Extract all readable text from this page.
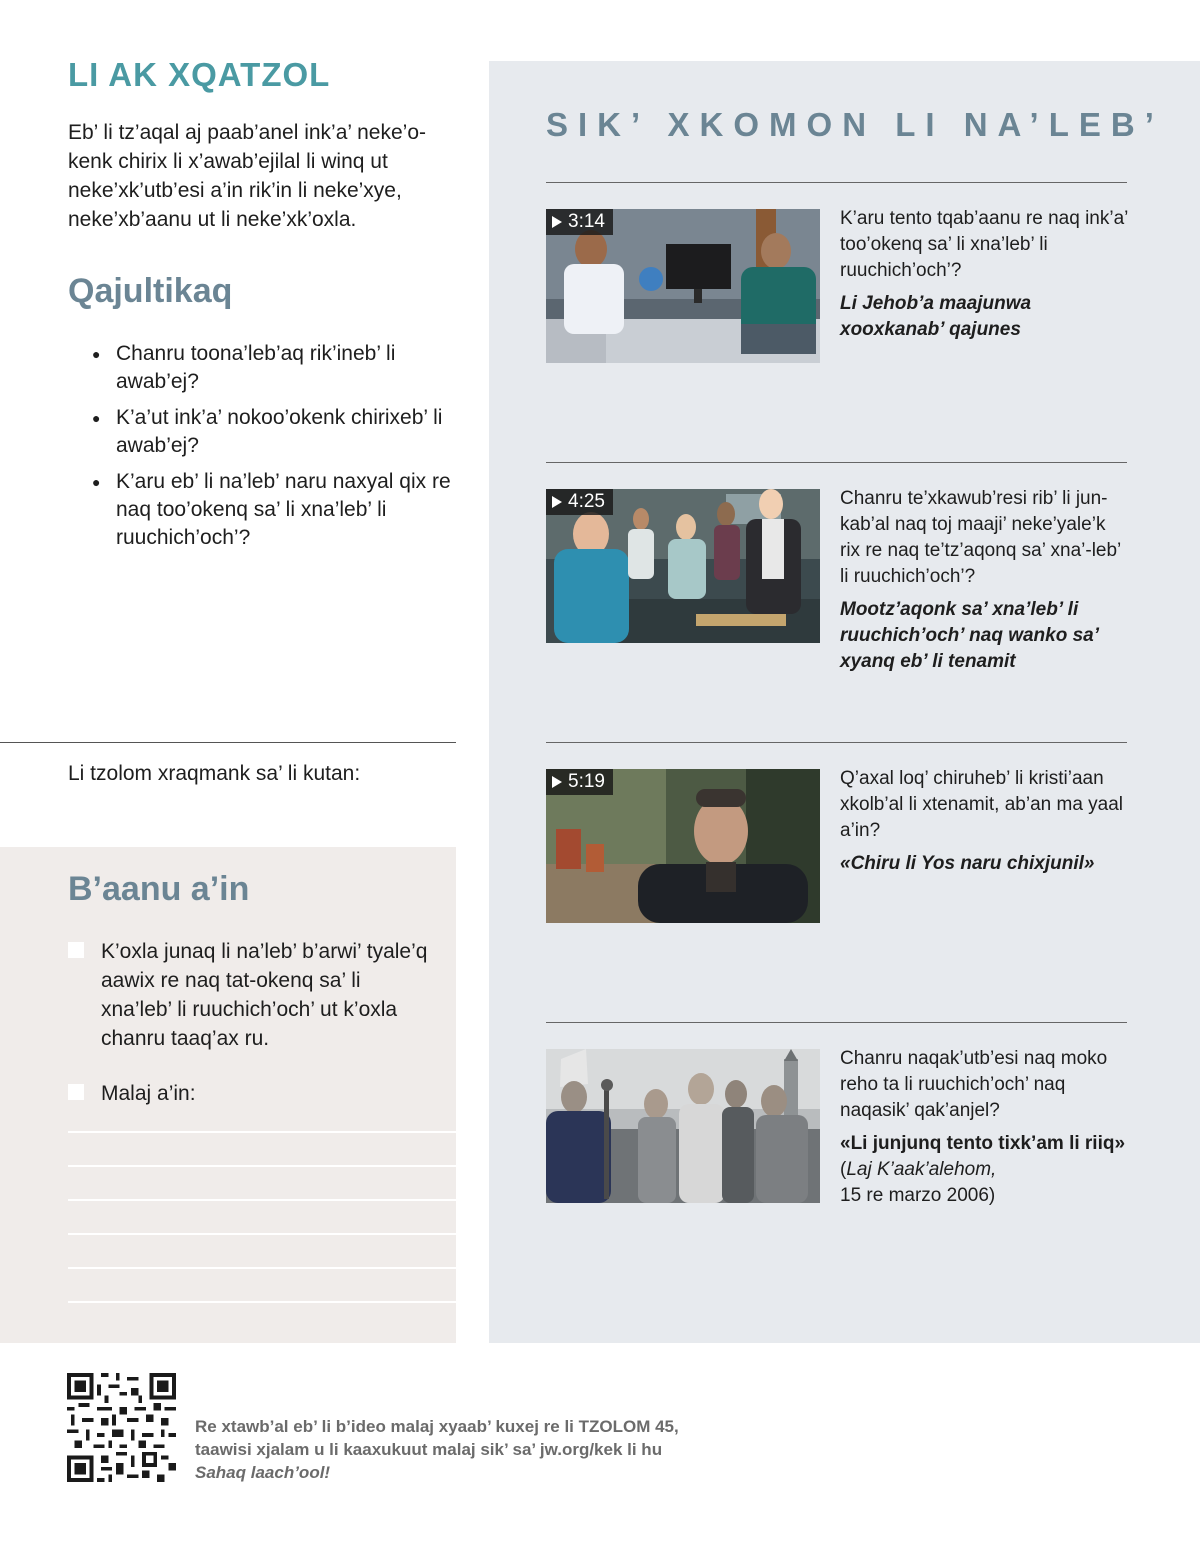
LI AK XQATZOL

Eb’ li tz’aqal aj paab’anel ink’a’ neke’o-kenk chirix li x’awab’ejilal li winq ut neke’xk’utb’esi a’in rik’in li neke’xye, neke’xb’aanu ut li neke’xk’oxla.

Qajultikaq
● Chanru toona’leb’aq rik’ineb’ li awab’ej?
● K’a’ut ink’a’ nokoo’okenk chirixeb’ li awab’ej?
● K’aru eb’ li na’leb’ naru naxyal qix re naq too’okenq sa’ li xna’leb’ li ruuchich’och’?
Li tzolom xraqmank sa’ li kutan:
B’aanu a’in
K’oxla junaq li na’leb’ b’arwi’ tyale’q aawix re naq tat-okenq sa’ li xna’leb’ li ruuchich’och’ ut k’oxla chanru taaq’ax ru.
Malaj a’in:
SIK’ XKOMON LI NA’LEB’
3:14	K’aru tento tqab’aanu re naq ink’a’ too’okenq sa’ li xna’leb’ li ruuchich’och’?
Li Jehob’a maajunwa xooxkanab’ qajunes
4:25	Chanru te’xkawub’resi rib’ li jun-kab’al naq toj maaji’ neke’yale’k rix re naq te’tz’aqonq sa’ xna’-leb’ li ruuchich’och’?
Mootz’aqonk sa’ xna’leb’ li ruuchich’och’ naq wanko sa’ xyanq eb’ li tenamit
5:19	Q’axal loq’ chiruheb’ li kristi’aan xkolb’al li xtenamit, ab’an ma yaal a’in?
«Chiru li Yos naru chixjunil»
Chanru naqak’utb’esi naq moko reho ta li ruuchich’och’ naq naqasik’ qak’anjel?
«Li junjunq tento tixk’am li riiq» (Laj K’aak’alehom,
15 re marzo 2006)
Re xtawb’al eb’ li b’ideo malaj xyaab’ kuxej re li TZOLOM 45,
taawisi xjalam u li kaaxukuut malaj sik’ sa’ jw.org/kek li hu
Sahaq laach’ool!
